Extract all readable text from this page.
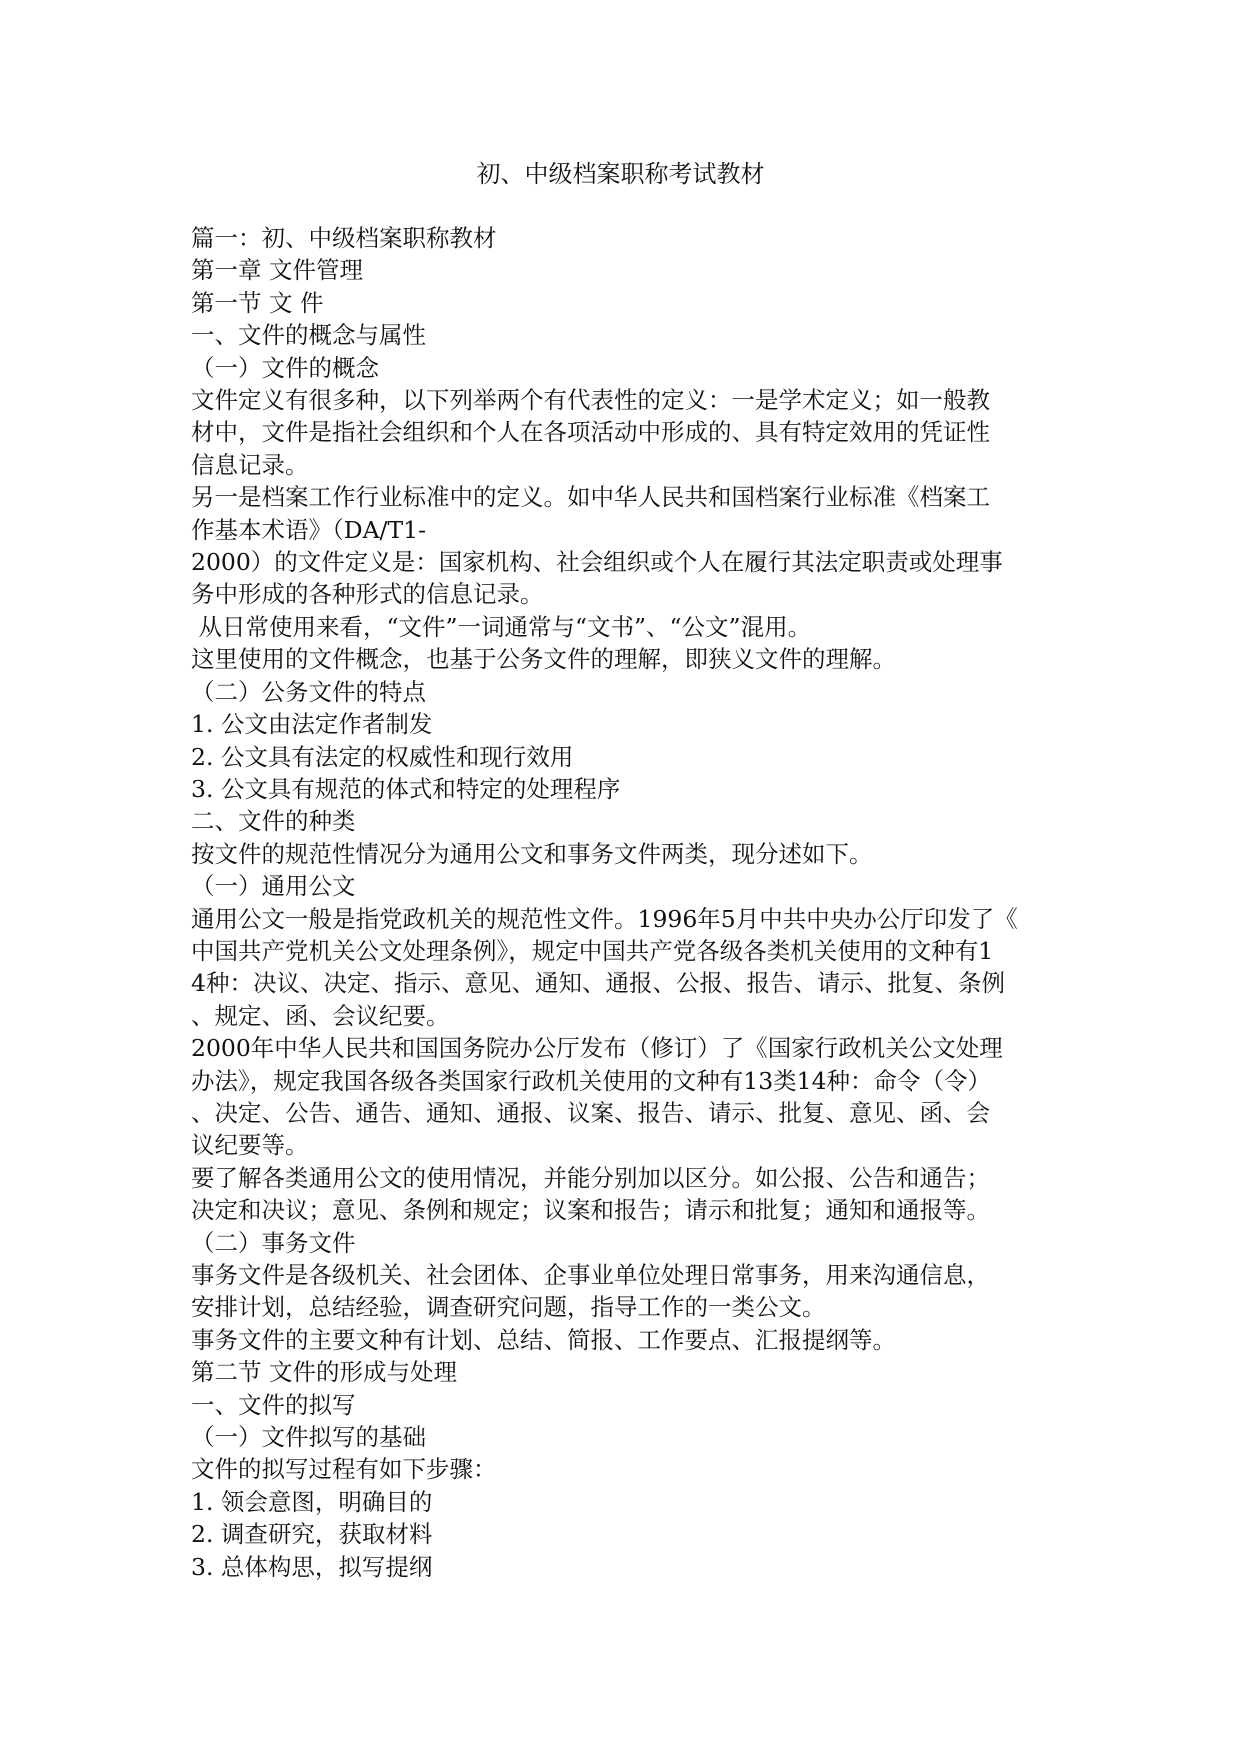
初、中级档案职称考试教材

篇一：初、中级档案职称教材

第一章 文件管理

第一节 文 件

一、文件的概念与属性

（一）文件的概念

文件定义有很多种，以下列举两个有代表性的定义：一是学术定义；如一般教

材中，文件是指社会组织和个人在各项活动中形成的、具有特定效用的凭证性

信息记录。

另一是档案工作行业标准中的定义。如中华人民共和国档案行业标准《档案工

作基本术语》（DA/T1-

2000）的文件定义是：国家机构、社会组织或个人在履行其法定职责或处理事

务中形成的各种形式的信息记录。

从日常使用来看，“文件”一词通常与“文书”、“公文”混用。

这里使用的文件概念，也基于公务文件的理解，即狭义文件的理解。

（二）公务文件的特点

1. 公文由法定作者制发

2. 公文具有法定的权威性和现行效用

3. 公文具有规范的体式和特定的处理程序

二、文件的种类

按文件的规范性情况分为通用公文和事务文件两类，现分述如下。

（一）通用公文

通用公文一般是指党政机关的规范性文件。1996年5月中共中央办公厅印发了《

中国共产党机关公文处理条例》，规定中国共产党各级各类机关使用的文种有1

4种：决议、决定、指示、意见、通知、通报、公报、报告、请示、批复、条例

、规定、函、会议纪要。

2000年中华人民共和国国务院办公厅发布（修订）了《国家行政机关公文处理

办法》，规定我国各级各类国家行政机关使用的文种有13类14种：命令（令）

、决定、公告、通告、通知、通报、议案、报告、请示、批复、意见、函、会

议纪要等。

要了解各类通用公文的使用情况，并能分别加以区分。如公报、公告和通告；

决定和决议；意见、条例和规定；议案和报告；请示和批复；通知和通报等。

（二）事务文件

事务文件是各级机关、社会团体、企事业单位处理日常事务，用来沟通信息，

安排计划，总结经验，调查研究问题，指导工作的一类公文。

事务文件的主要文种有计划、总结、简报、工作要点、汇报提纲等。

第二节 文件的形成与处理

一、文件的拟写

（一）文件拟写的基础

文件的拟写过程有如下步骤：

1. 领会意图，明确目的

2. 调查研究，获取材料

3. 总体构思，拟写提纲
